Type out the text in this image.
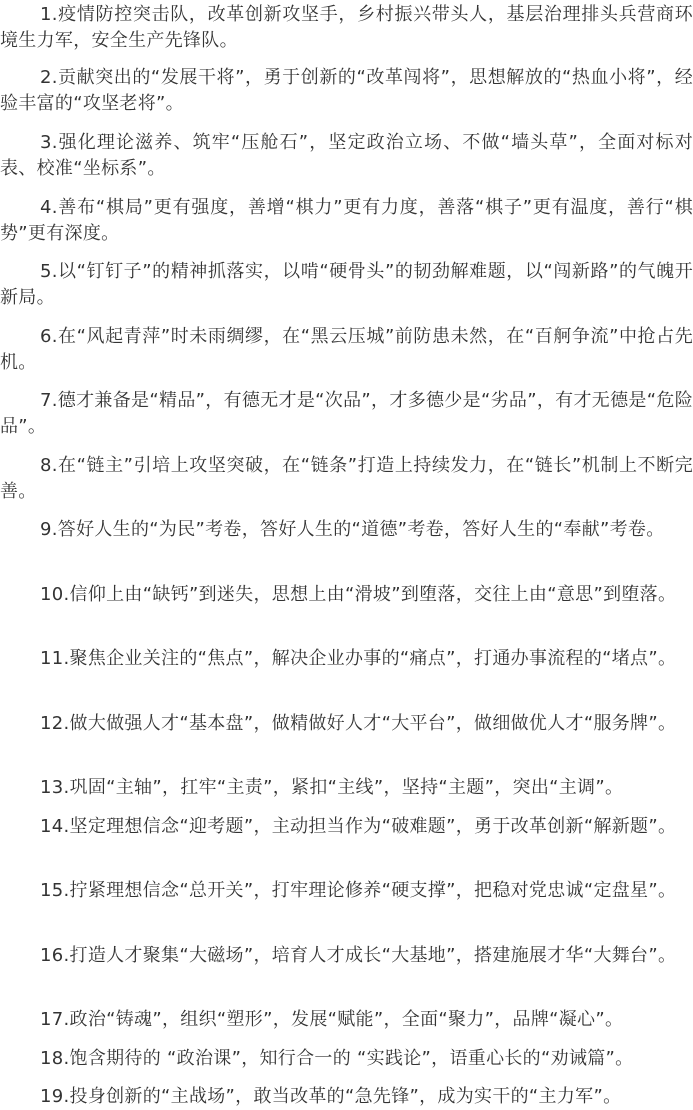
1.疫情防控突击队，改革创新攻坚手，乡村振兴带头人，基层治理排头兵营商环境生力军，安全生产先锋队。

2.贡献突出的“发展干将”，勇于创新的“改革闯将”，思想解放的“热血小将”，经验丰富的“攻坚老将”。

3.强化理论滋养、筑牢“压舱石”，坚定政治立场、不做“墙头草”，全面对标对表、校准“坐标系”。

4.善布“棋局”更有强度，善增“棋力”更有力度，善落“棋子”更有温度，善行“棋势”更有深度。

5.以“钉钉子”的精神抓落实，以啃“硬骨头”的韧劲解难题，以“闯新路”的气魄开新局。

6.在“风起青萍”时未雨绸缪，在“黑云压城”前防患未然，在“百舸争流”中抢占先机。

7.德才兼备是“精品”，有德无才是“次品”，才多德少是“劣品”，有才无德是“危险品”。

8.在“链主”引培上攻坚突破，在“链条”打造上持续发力，在“链长”机制上不断完善。

9.答好人生的“为民”考卷，答好人生的“道德”考卷，答好人生的“奉献”考卷。

10.信仰上由“缺钙”到迷失，思想上由“滑坡”到堕落，交往上由“意思”到堕落。

11.聚焦企业关注的“焦点”，解决企业办事的“痛点”，打通办事流程的“堵点”。

12.做大做强人才“基本盘”，做精做好人才“大平台”，做细做优人才“服务牌”。

13.巩固“主轴”，扛牢“主责”，紧扣“主线”，坚持“主题”，突出“主调”。

14.坚定理想信念“迎考题”，主动担当作为“破难题”，勇于改革创新“解新题”。

15.拧紧理想信念“总开关”，打牢理论修养“硬支撑”，把稳对党忠诚“定盘星”。

16.打造人才聚集“大磁场”，培育人才成长“大基地”，搭建施展才华“大舞台”。

17.政治“铸魂”，组织“塑形”，发展“赋能”，全面“聚力”，品牌“凝心”。

18.饱含期待的 “政治课”，知行合一的 “实践论”，语重心长的“劝诫篇”。

19.投身创新的“主战场”，敢当改革的“急先锋”，成为实干的“主力军”。
